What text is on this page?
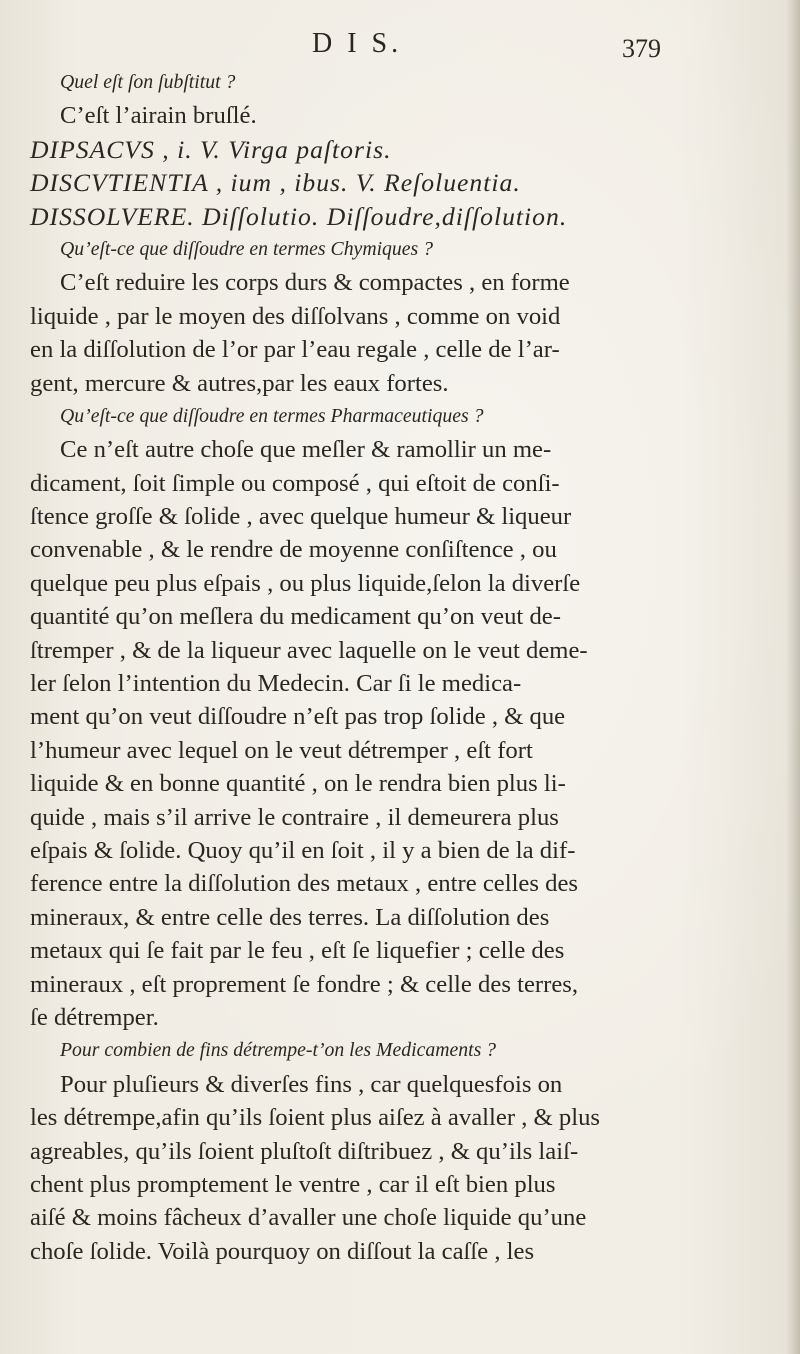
D I S.	379
Quel eſt ſon ſubſtitut ?
C’eſt l’airain bruſlé.
DIPSACVS , i. V. Virga paſtoris.
DISCVTIENTIA , ium , ibus. V. Reſoluentia.
DISSOLVERE. Diſſolutio. Diſſoudre,diſſolution.
Qu’eſt-ce que diſſoudre en termes Chymiques ?
C’eſt reduire les corps durs & compactes , en forme
liquide , par le moyen des diſſolvans , comme on void
en la diſſolution de l’or par l’eau regale , celle de l’ar-
gent, mercure & autres,par les eaux fortes.
Qu’eſt-ce que diſſoudre en termes Pharmaceutiques ?
Ce n’eſt autre choſe que meſler & ramollir un me-
dicament, ſoit ſimple ou composé , qui eſtoit de conſi-
ſtence groſſe & ſolide , avec quelque humeur & liqueur
convenable , & le rendre de moyenne conſiſtence , ou
quelque peu plus eſpais , ou plus liquide,ſelon la diverſe
quantité qu’on meſlera du medicament qu’on veut de-
ſtremper , & de la liqueur avec laquelle on le veut deme-
ler ſelon l’intention du Medecin. Car ſi le medica-
ment qu’on veut diſſoudre n’eſt pas trop ſolide , & que
l’humeur avec lequel on le veut détremper , eſt fort
liquide & en bonne quantité , on le rendra bien plus li-
quide , mais s’il arrive le contraire , il demeurera plus
eſpais & ſolide. Quoy qu’il en ſoit , il y a bien de la dif-
ference entre la diſſolution des metaux , entre celles des
mineraux, & entre celle des terres. La diſſolution des
metaux qui ſe fait par le feu , eſt ſe liquefier ; celle des
mineraux , eſt proprement ſe fondre ; & celle des terres,
ſe détremper.
Pour combien de fins détrempe-t’on les Medicaments ?
Pour pluſieurs & diverſes fins , car quelquesfois on
les détrempe,afin qu’ils ſoient plus aiſez à avaller , & plus
agreables, qu’ils ſoient pluſtoſt diſtribuez , & qu’ils laiſ-
chent plus promptement le ventre , car il eſt bien plus
aiſé & moins fâcheux d’avaller une choſe liquide qu’une
choſe ſolide. Voilà pourquoy on diſſout la caſſe , les
